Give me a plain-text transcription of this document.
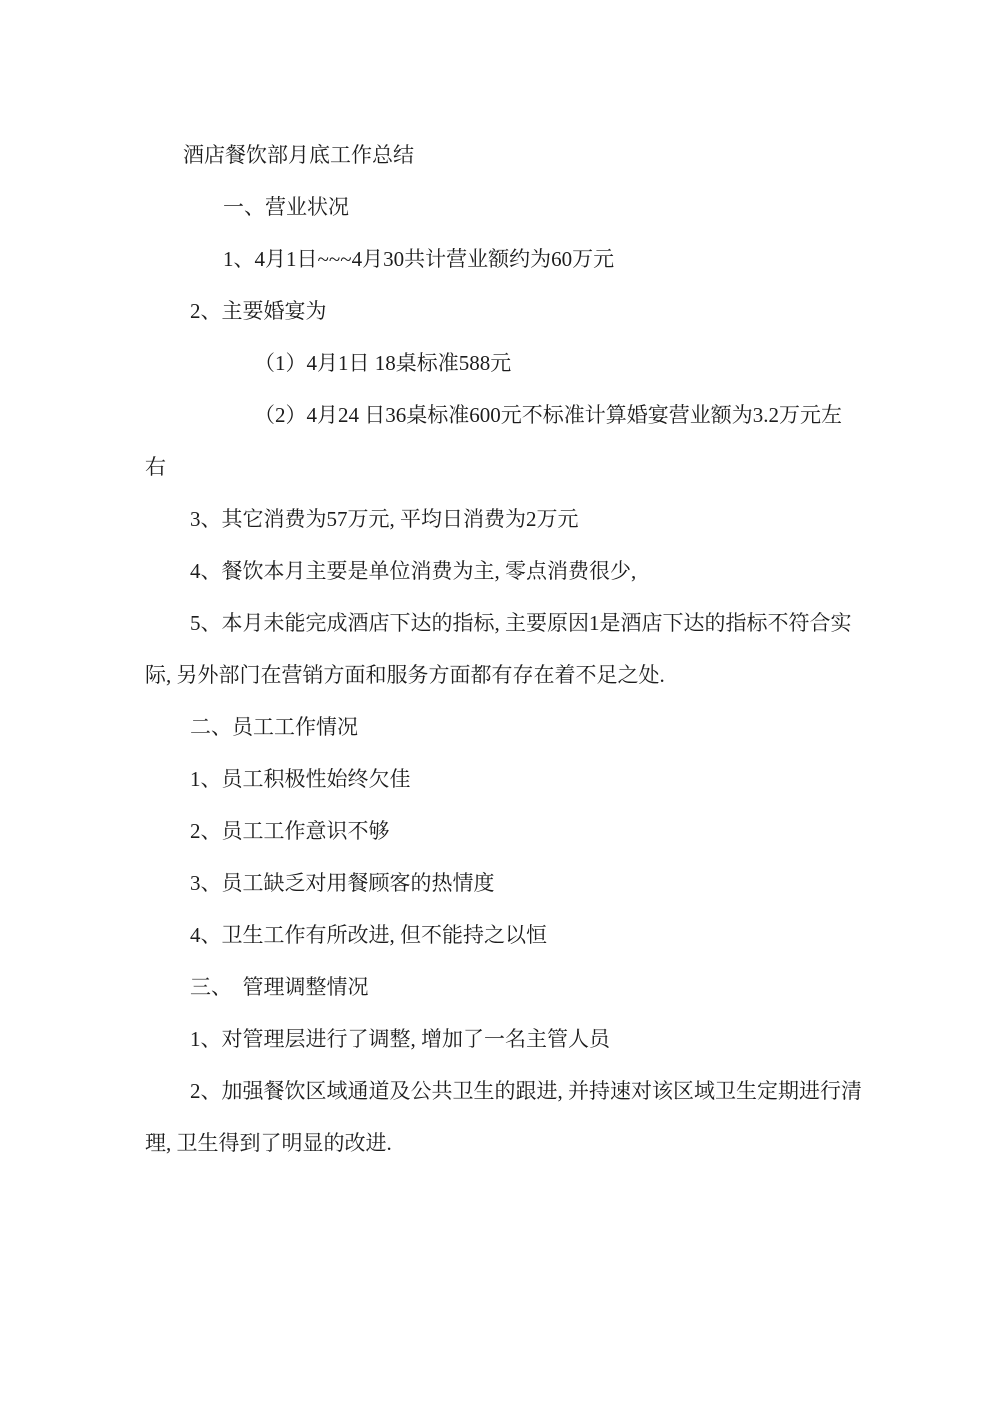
酒店餐饮部月底工作总结

一、营业状况

1、4月1日~~~4月30共计营业额约为60万元

2、主要婚宴为

（1）4月1日 18桌标准588元

（2）4月24 日36桌标准600元不标准计算婚宴营业额为3.2万元左

右

3、其它消费为57万元, 平均日消费为2万元

4、餐饮本月主要是单位消费为主, 零点消费很少,

5、本月未能完成酒店下达的指标, 主要原因1是酒店下达的指标不符合实

际, 另外部门在营销方面和服务方面都有存在着不足之处.

二、员工工作情况

1、员工积极性始终欠佳

2、员工工作意识不够

3、员工缺乏对用餐顾客的热情度

4、卫生工作有所改进, 但不能持之以恒

三、　管理调整情况

1、对管理层进行了调整, 增加了一名主管人员

2、加强餐饮区域通道及公共卫生的跟进, 并持速对该区域卫生定期进行清

理, 卫生得到了明显的改进.
